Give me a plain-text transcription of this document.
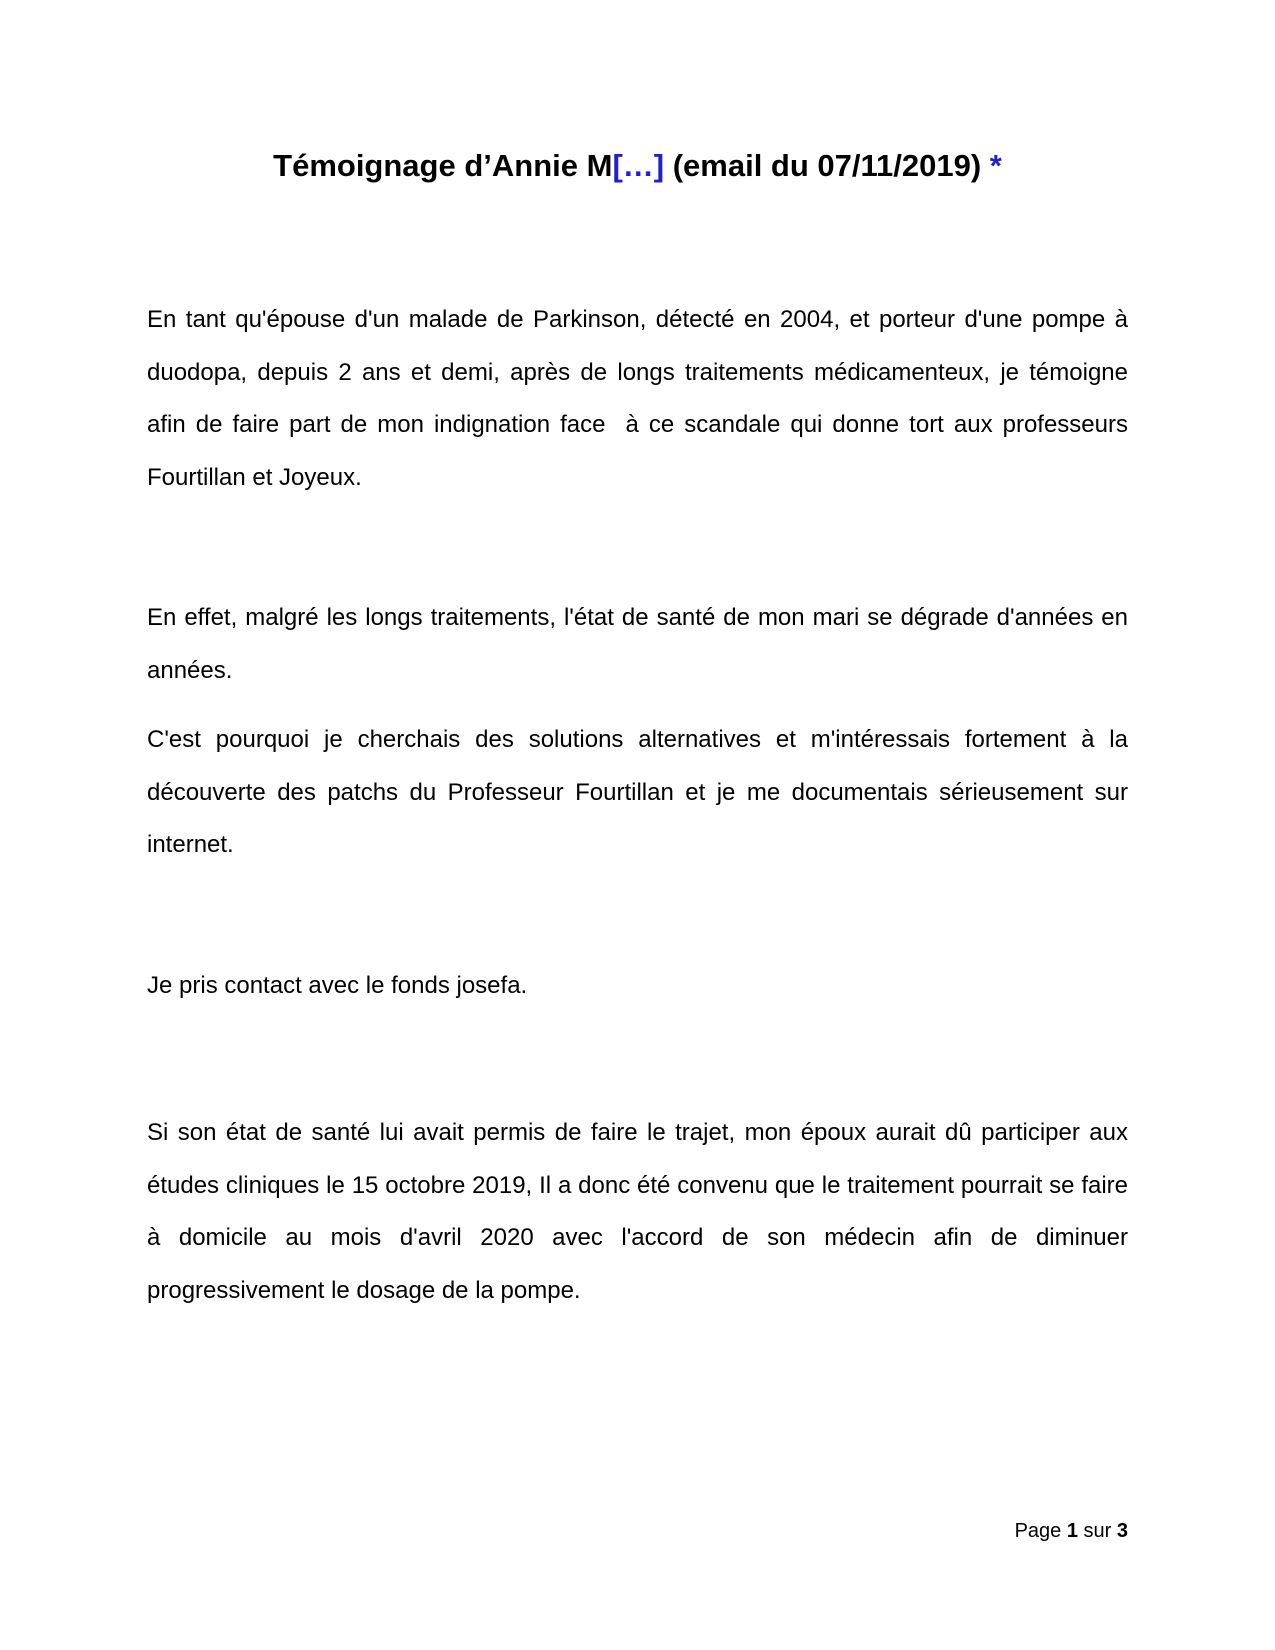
Témoignage d’Annie M[…] (email du 07/11/2019) *

En tant qu'épouse d'un malade de Parkinson, détecté en 2004, et porteur d'une pompe à duodopa, depuis 2 ans et demi, après de longs traitements médicamenteux, je témoigne afin de faire part de mon indignation face  à ce scandale qui donne tort aux professeurs Fourtillan et Joyeux.

En effet, malgré les longs traitements, l'état de santé de mon mari se dégrade d'années en années.

C'est pourquoi je cherchais des solutions alternatives et m'intéressais fortement à la découverte des patchs du Professeur Fourtillan et je me documentais sérieusement sur internet.

Je pris contact avec le fonds josefa.

Si son état de santé lui avait permis de faire le trajet, mon époux aurait dû participer aux études cliniques le 15 octobre 2019, Il a donc été convenu que le traitement pourrait se faire à domicile au mois d'avril 2020 avec l'accord de son médecin afin de diminuer progressivement le dosage de la pompe.

Page 1 sur 3
